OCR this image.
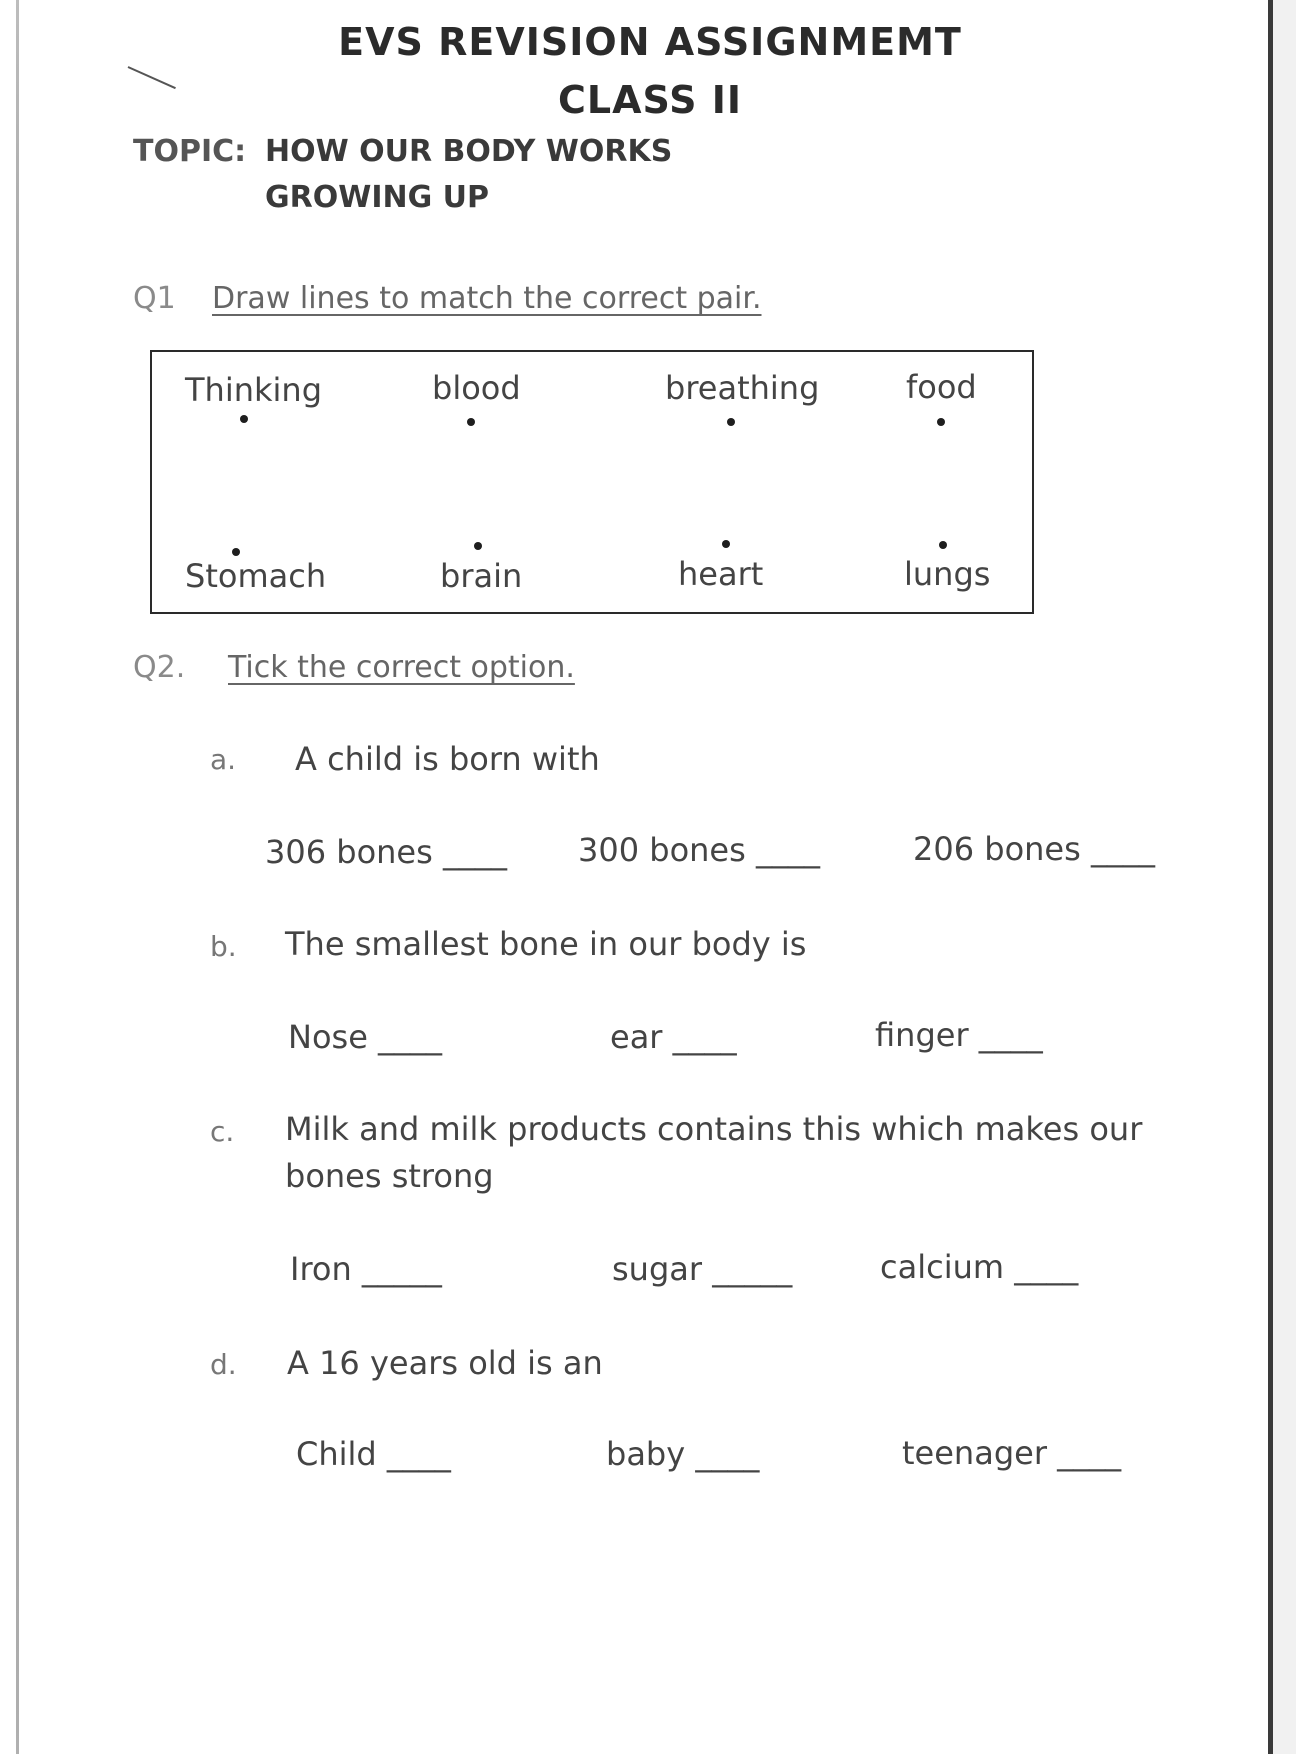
EVS REVISION ASSIGNMEMT
CLASS II
TOPIC: HOW OUR BODY WORKS
GROWING UP
Q1 Draw lines to match the correct pair.
Thinking	blood	breathing	food
Stomach	brain	heart	lungs
Q2. Tick the correct option.
a. A child is born with
306 bones ____ 300 bones ____	206 bones ____
b. The smallest bone in our body is
Nose ____	ear ____	finger ____
c. Milk and milk products contains this which makes our
bones strong
Iron _____	sugar _____	calcium ____
d. A 16 years old is an
Child ____	baby ____	teenager ____
